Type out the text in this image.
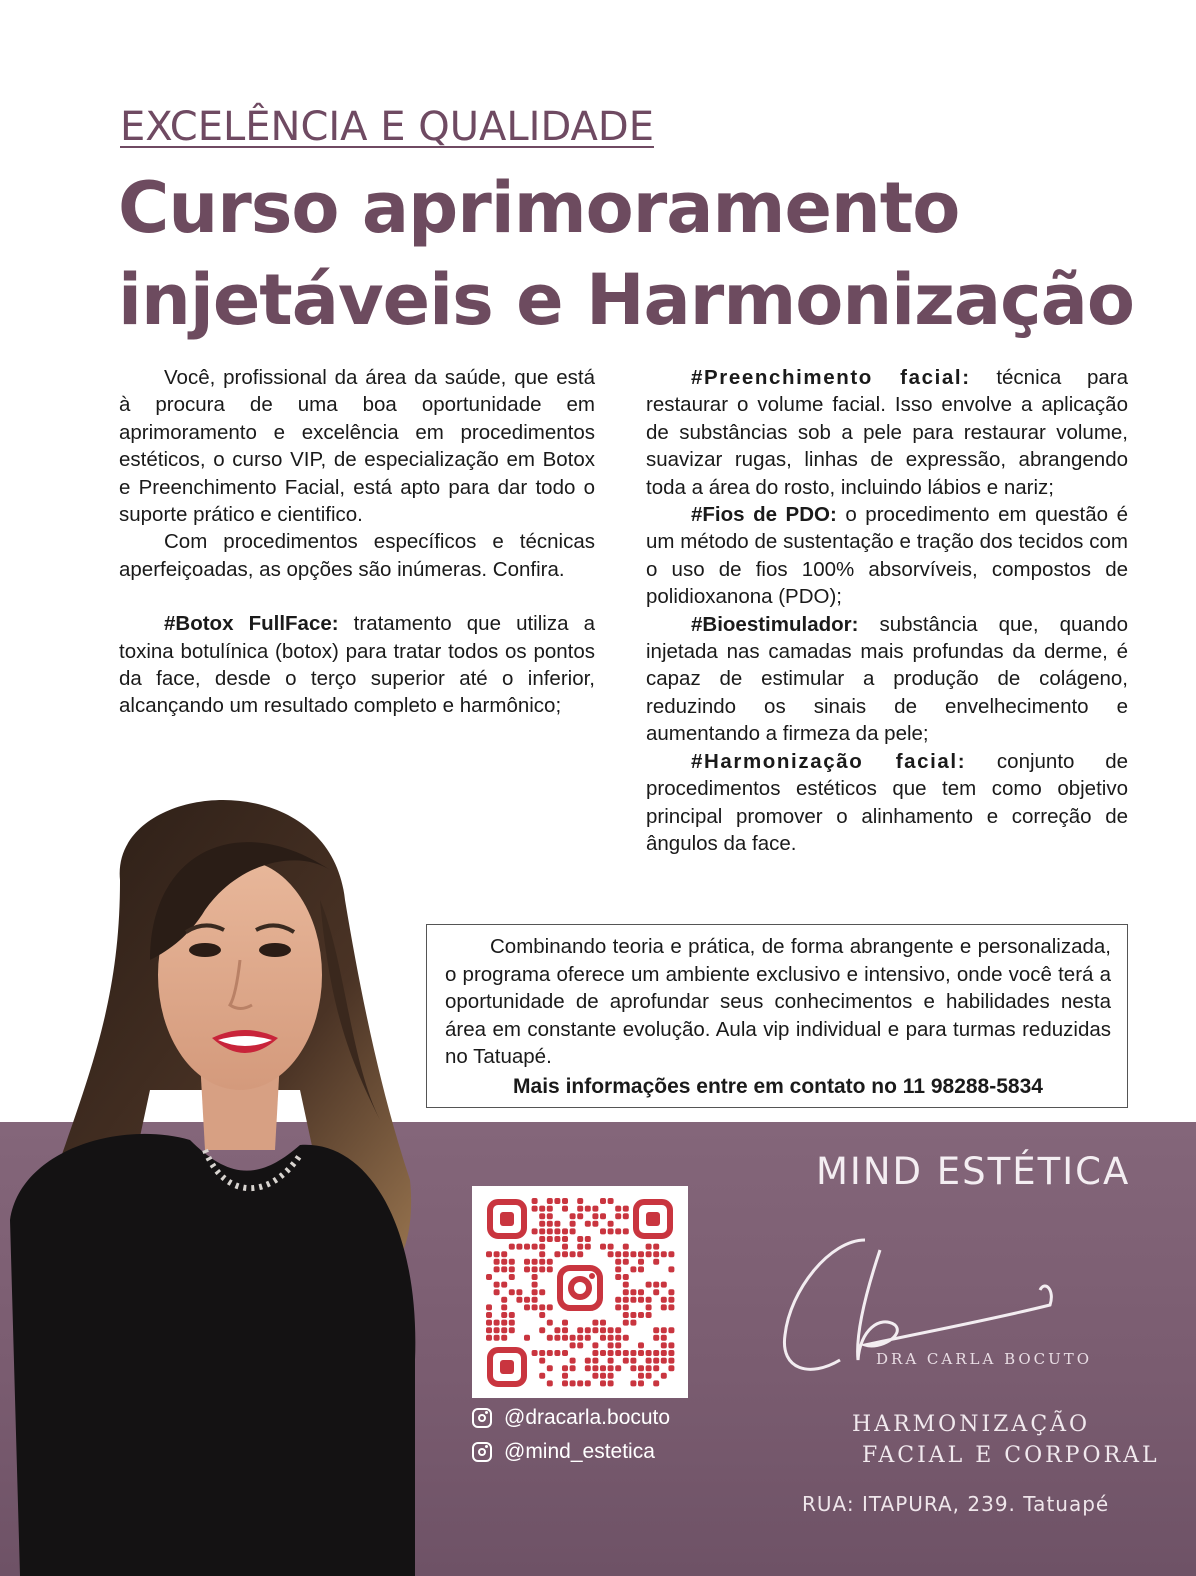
EXCELÊNCIA E QUALIDADE
Curso aprimoramento
injetáveis e Harmonização

Você, profissional da área da saúde, que está à procura de uma boa oportunidade em aprimoramento e excelência em procedimentos estéticos, o curso VIP, de especialização em Botox e Preenchimento Facial, está apto para dar todo o suporte prático e cientifico.

Com procedimentos específicos e técnicas aperfeiçoadas, as opções são inúmeras. Confira.

#Botox FullFace: tratamento que utiliza a toxina botulínica (botox) para tratar todos os pontos da face, desde o terço superior até o inferior, alcançando um resultado completo e harmônico;

#Preenchimento facial: técnica para restaurar o volume facial. Isso envolve a aplicação de substâncias sob a pele para restaurar volume, suavizar rugas, linhas de expressão, abrangendo toda a área do rosto, incluindo lábios e nariz;

#Fios de PDO: o procedimento em questão é um método de sustentação e tração dos tecidos com o uso de fios 100% absorvíveis, compostos de polidioxanona (PDO);

#Bioestimulador: substância que, quando injetada nas camadas mais profundas da derme, é capaz de estimular a produção de colágeno, reduzindo os sinais de envelhecimento e aumentando a firmeza da pele;

#Harmonização facial: conjunto de procedimentos estéticos que tem como objetivo principal promover o alinhamento e correção de ângulos da face.

Combinando teoria e prática, de forma abrangente e personalizada, o programa oferece um ambiente exclusivo e intensivo, onde você terá a oportunidade de aprofundar seus conhecimentos e habilidades nesta área em constante evolução. Aula vip individual e para turmas reduzidas no Tatuapé.

Mais informações entre em contato no 11 98288-5834

@dracarla.bocuto
@mind_estetica
MIND ESTÉTICA
DRA CARLA BOCUTO
HARMONIZAÇÃO
FACIAL E CORPORAL
RUA: ITAPURA, 239. Tatuapé
